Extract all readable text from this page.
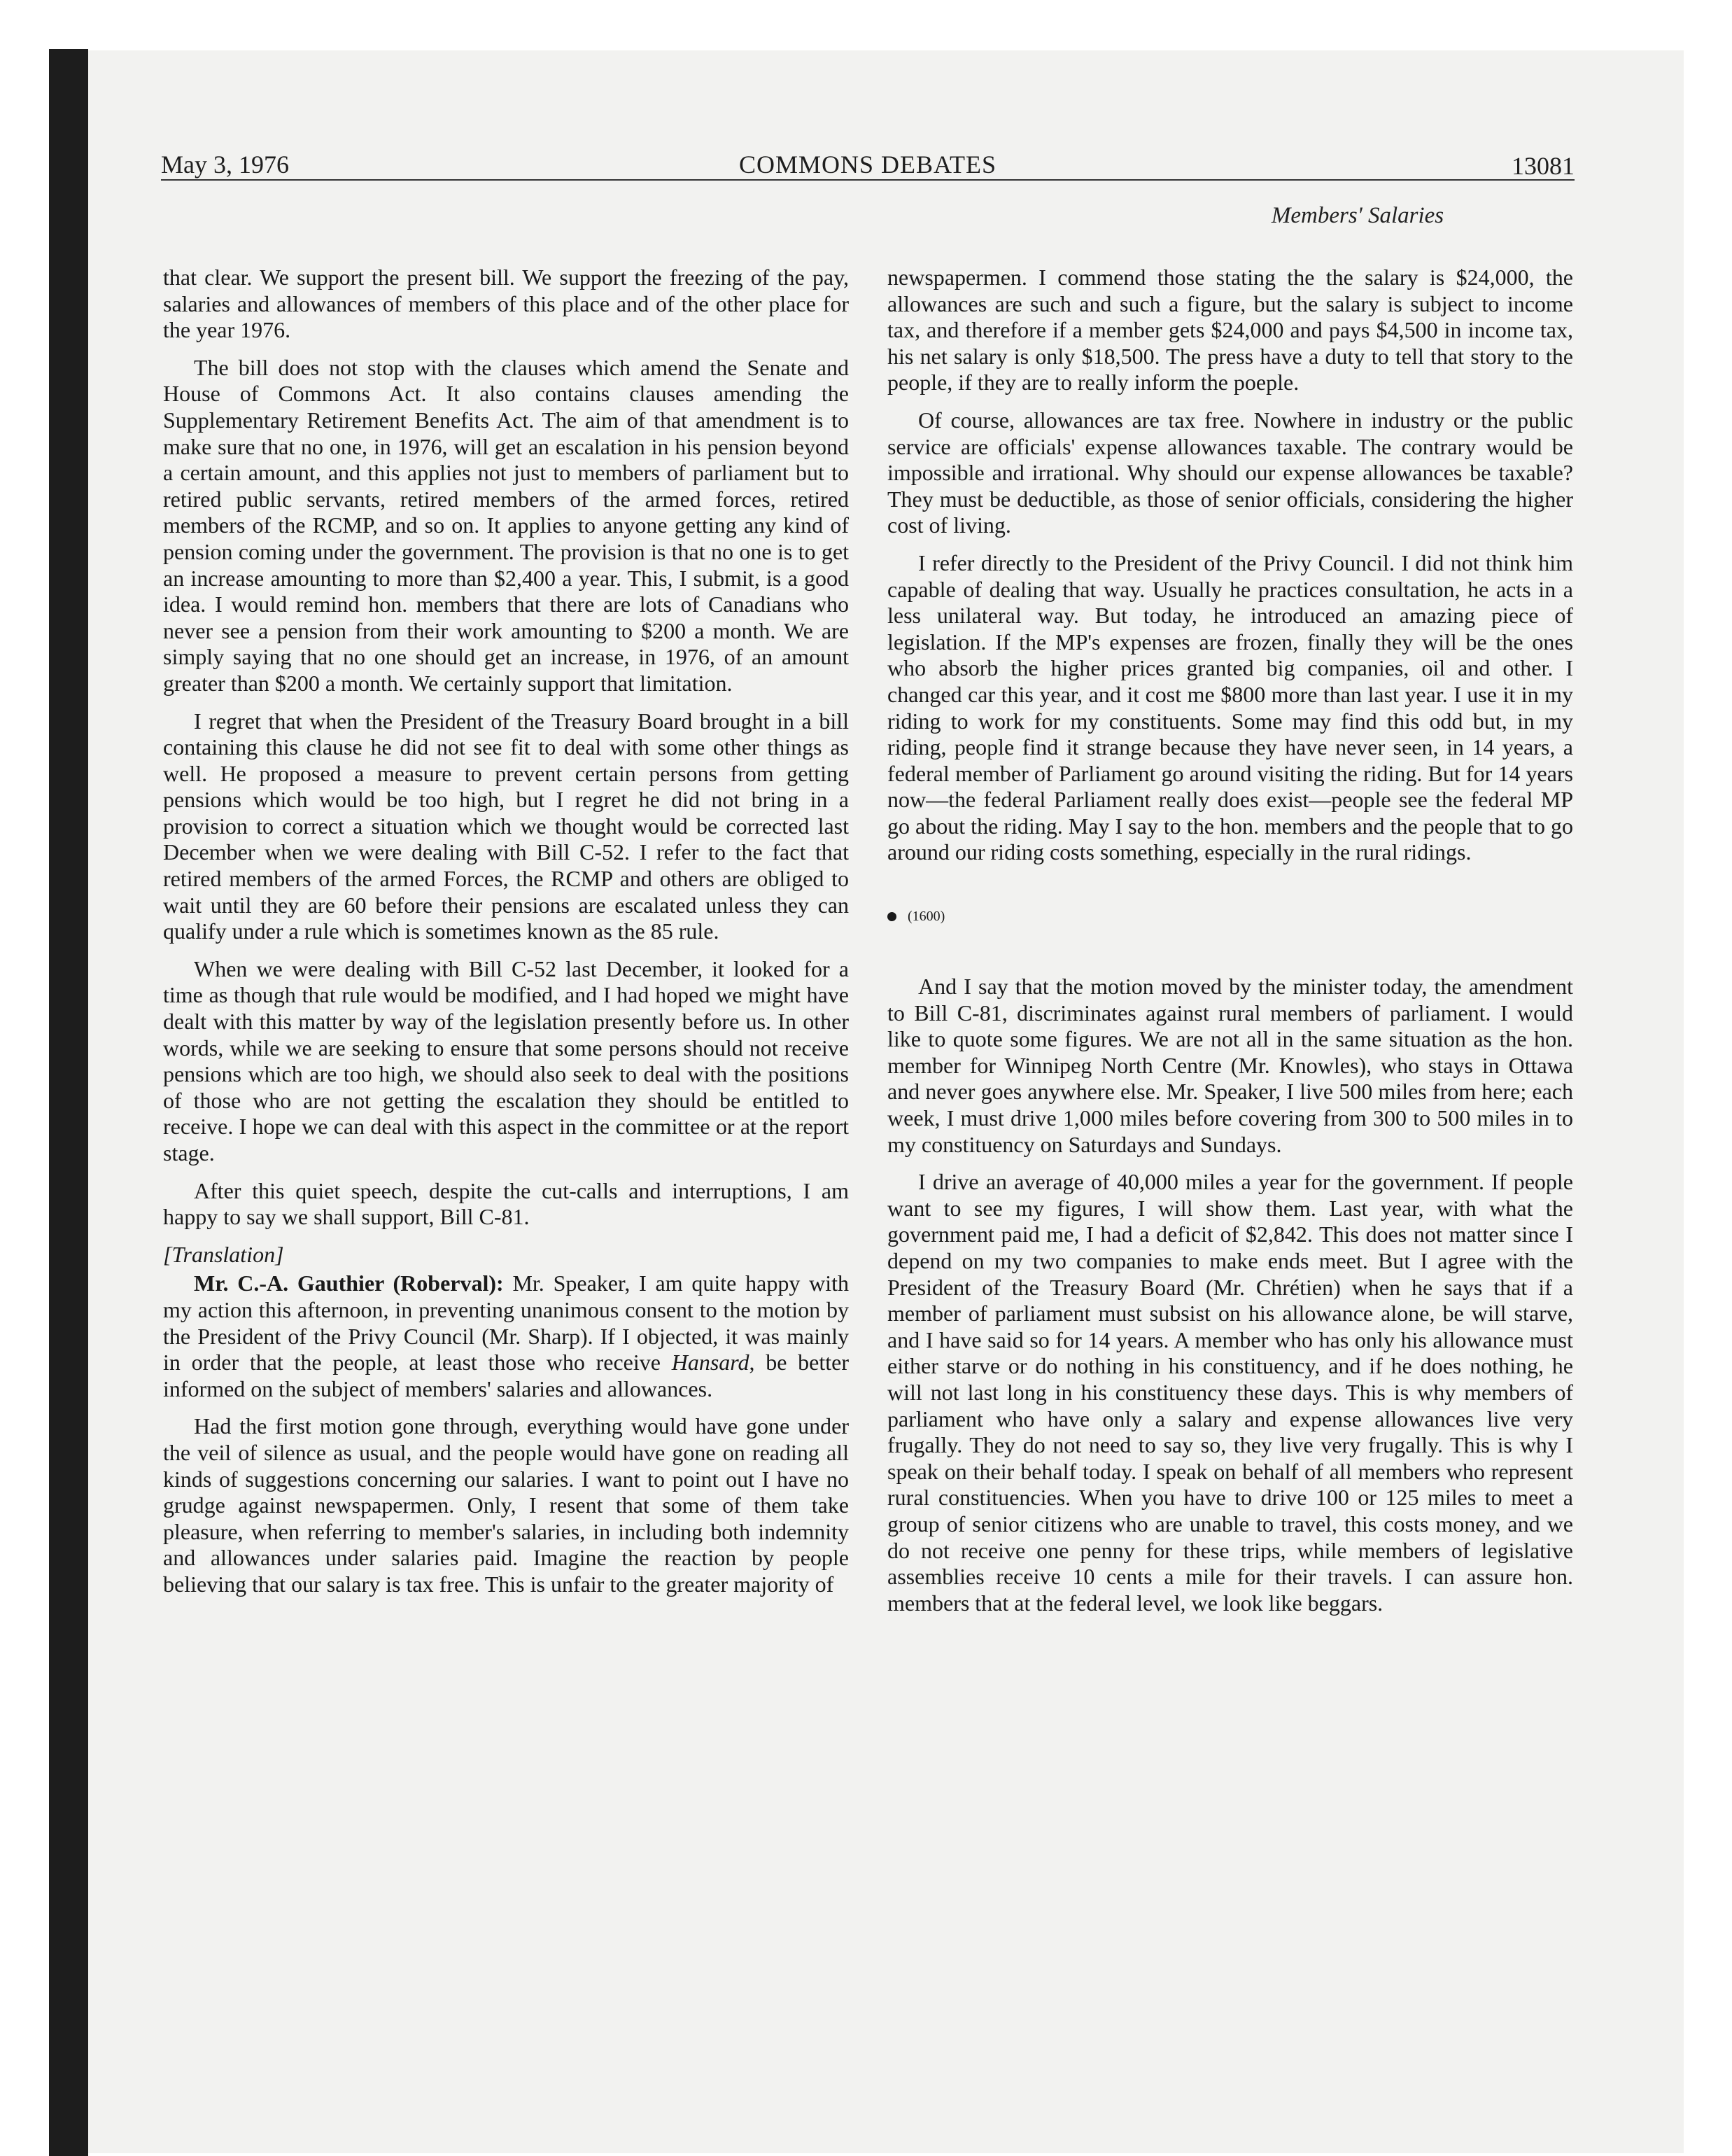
May 3, 1976	COMMONS DEBATES	13081
Members' Salaries

that clear. We support the present bill. We support the freezing of the pay, salaries and allowances of members of this place and of the other place for the year 1976.

The bill does not stop with the clauses which amend the Senate and House of Commons Act. It also contains clauses amending the Supplementary Retirement Benefits Act. The aim of that amendment is to make sure that no one, in 1976, will get an escalation in his pension beyond a certain amount, and this applies not just to members of parliament but to retired public servants, retired members of the armed forces, retired members of the RCMP, and so on. It applies to anyone getting any kind of pension coming under the government. The provision is that no one is to get an increase amounting to more than $2,400 a year. This, I submit, is a good idea. I would remind hon. members that there are lots of Canadians who never see a pension from their work amounting to $200 a month. We are simply saying that no one should get an increase, in 1976, of an amount greater than $200 a month. We certainly support that limitation.

I regret that when the President of the Treasury Board brought in a bill containing this clause he did not see fit to deal with some other things as well. He proposed a measure to prevent certain persons from getting pensions which would be too high, but I regret he did not bring in a provision to correct a situation which we thought would be corrected last December when we were dealing with Bill C-52. I refer to the fact that retired members of the armed Forces, the RCMP and others are obliged to wait until they are 60 before their pensions are escalated unless they can qualify under a rule which is sometimes known as the 85 rule.

When we were dealing with Bill C-52 last December, it looked for a time as though that rule would be modified, and I had hoped we might have dealt with this matter by way of the legislation presently before us. In other words, while we are seeking to ensure that some persons should not receive pensions which are too high, we should also seek to deal with the positions of those who are not getting the escalation they should be entitled to receive. I hope we can deal with this aspect in the committee or at the report stage.

After this quiet speech, despite the cut-calls and interruptions, I am happy to say we shall support, Bill C-81.

[Translation]

Mr. C.-A. Gauthier (Roberval): Mr. Speaker, I am quite happy with my action this afternoon, in preventing unanimous consent to the motion by the President of the Privy Council (Mr. Sharp). If I objected, it was mainly in order that the people, at least those who receive Hansard, be better informed on the subject of members' salaries and allowances.

Had the first motion gone through, everything would have gone under the veil of silence as usual, and the people would have gone on reading all kinds of suggestions concerning our salaries. I want to point out I have no grudge against newspapermen. Only, I resent that some of them take pleasure, when referring to member's salaries, in including both indemnity and allowances under salaries paid. Imagine the reaction by people believing that our salary is tax free. This is unfair to the greater majority of

newspapermen. I commend those stating the the salary is $24,000, the allowances are such and such a figure, but the salary is subject to income tax, and therefore if a member gets $24,000 and pays $4,500 in income tax, his net salary is only $18,500. The press have a duty to tell that story to the people, if they are to really inform the poeple.

Of course, allowances are tax free. Nowhere in industry or the public service are officials' expense allowances taxable. The contrary would be impossible and irrational. Why should our expense allowances be taxable? They must be deductible, as those of senior officials, considering the higher cost of living.

I refer directly to the President of the Privy Council. I did not think him capable of dealing that way. Usually he practices consultation, he acts in a less unilateral way. But today, he introduced an amazing piece of legislation. If the MP's expenses are frozen, finally they will be the ones who absorb the higher prices granted big companies, oil and other. I changed car this year, and it cost me $800 more than last year. I use it in my riding to work for my constituents. Some may find this odd but, in my riding, people find it strange because they have never seen, in 14 years, a federal member of Parliament go around visiting the riding. But for 14 years now—the federal Parliament really does exist—people see the federal MP go about the riding. May I say to the hon. members and the people that to go around our riding costs something, especially in the rural ridings.

(1600)

And I say that the motion moved by the minister today, the amendment to Bill C-81, discriminates against rural members of parliament. I would like to quote some figures. We are not all in the same situation as the hon. member for Winnipeg North Centre (Mr. Knowles), who stays in Ottawa and never goes anywhere else. Mr. Speaker, I live 500 miles from here; each week, I must drive 1,000 miles before covering from 300 to 500 miles in to my constituency on Saturdays and Sundays.

I drive an average of 40,000 miles a year for the government. If people want to see my figures, I will show them. Last year, with what the government paid me, I had a deficit of $2,842. This does not matter since I depend on my two companies to make ends meet. But I agree with the President of the Treasury Board (Mr. Chrétien) when he says that if a member of parliament must subsist on his allowance alone, be will starve, and I have said so for 14 years. A member who has only his allowance must either starve or do nothing in his constituency, and if he does nothing, he will not last long in his constituency these days. This is why members of parliament who have only a salary and expense allowances live very frugally. They do not need to say so, they live very frugally. This is why I speak on their behalf today. I speak on behalf of all members who represent rural constituencies. When you have to drive 100 or 125 miles to meet a group of senior citizens who are unable to travel, this costs money, and we do not receive one penny for these trips, while members of legislative assemblies receive 10 cents a mile for their travels. I can assure hon. members that at the federal level, we look like beggars.
